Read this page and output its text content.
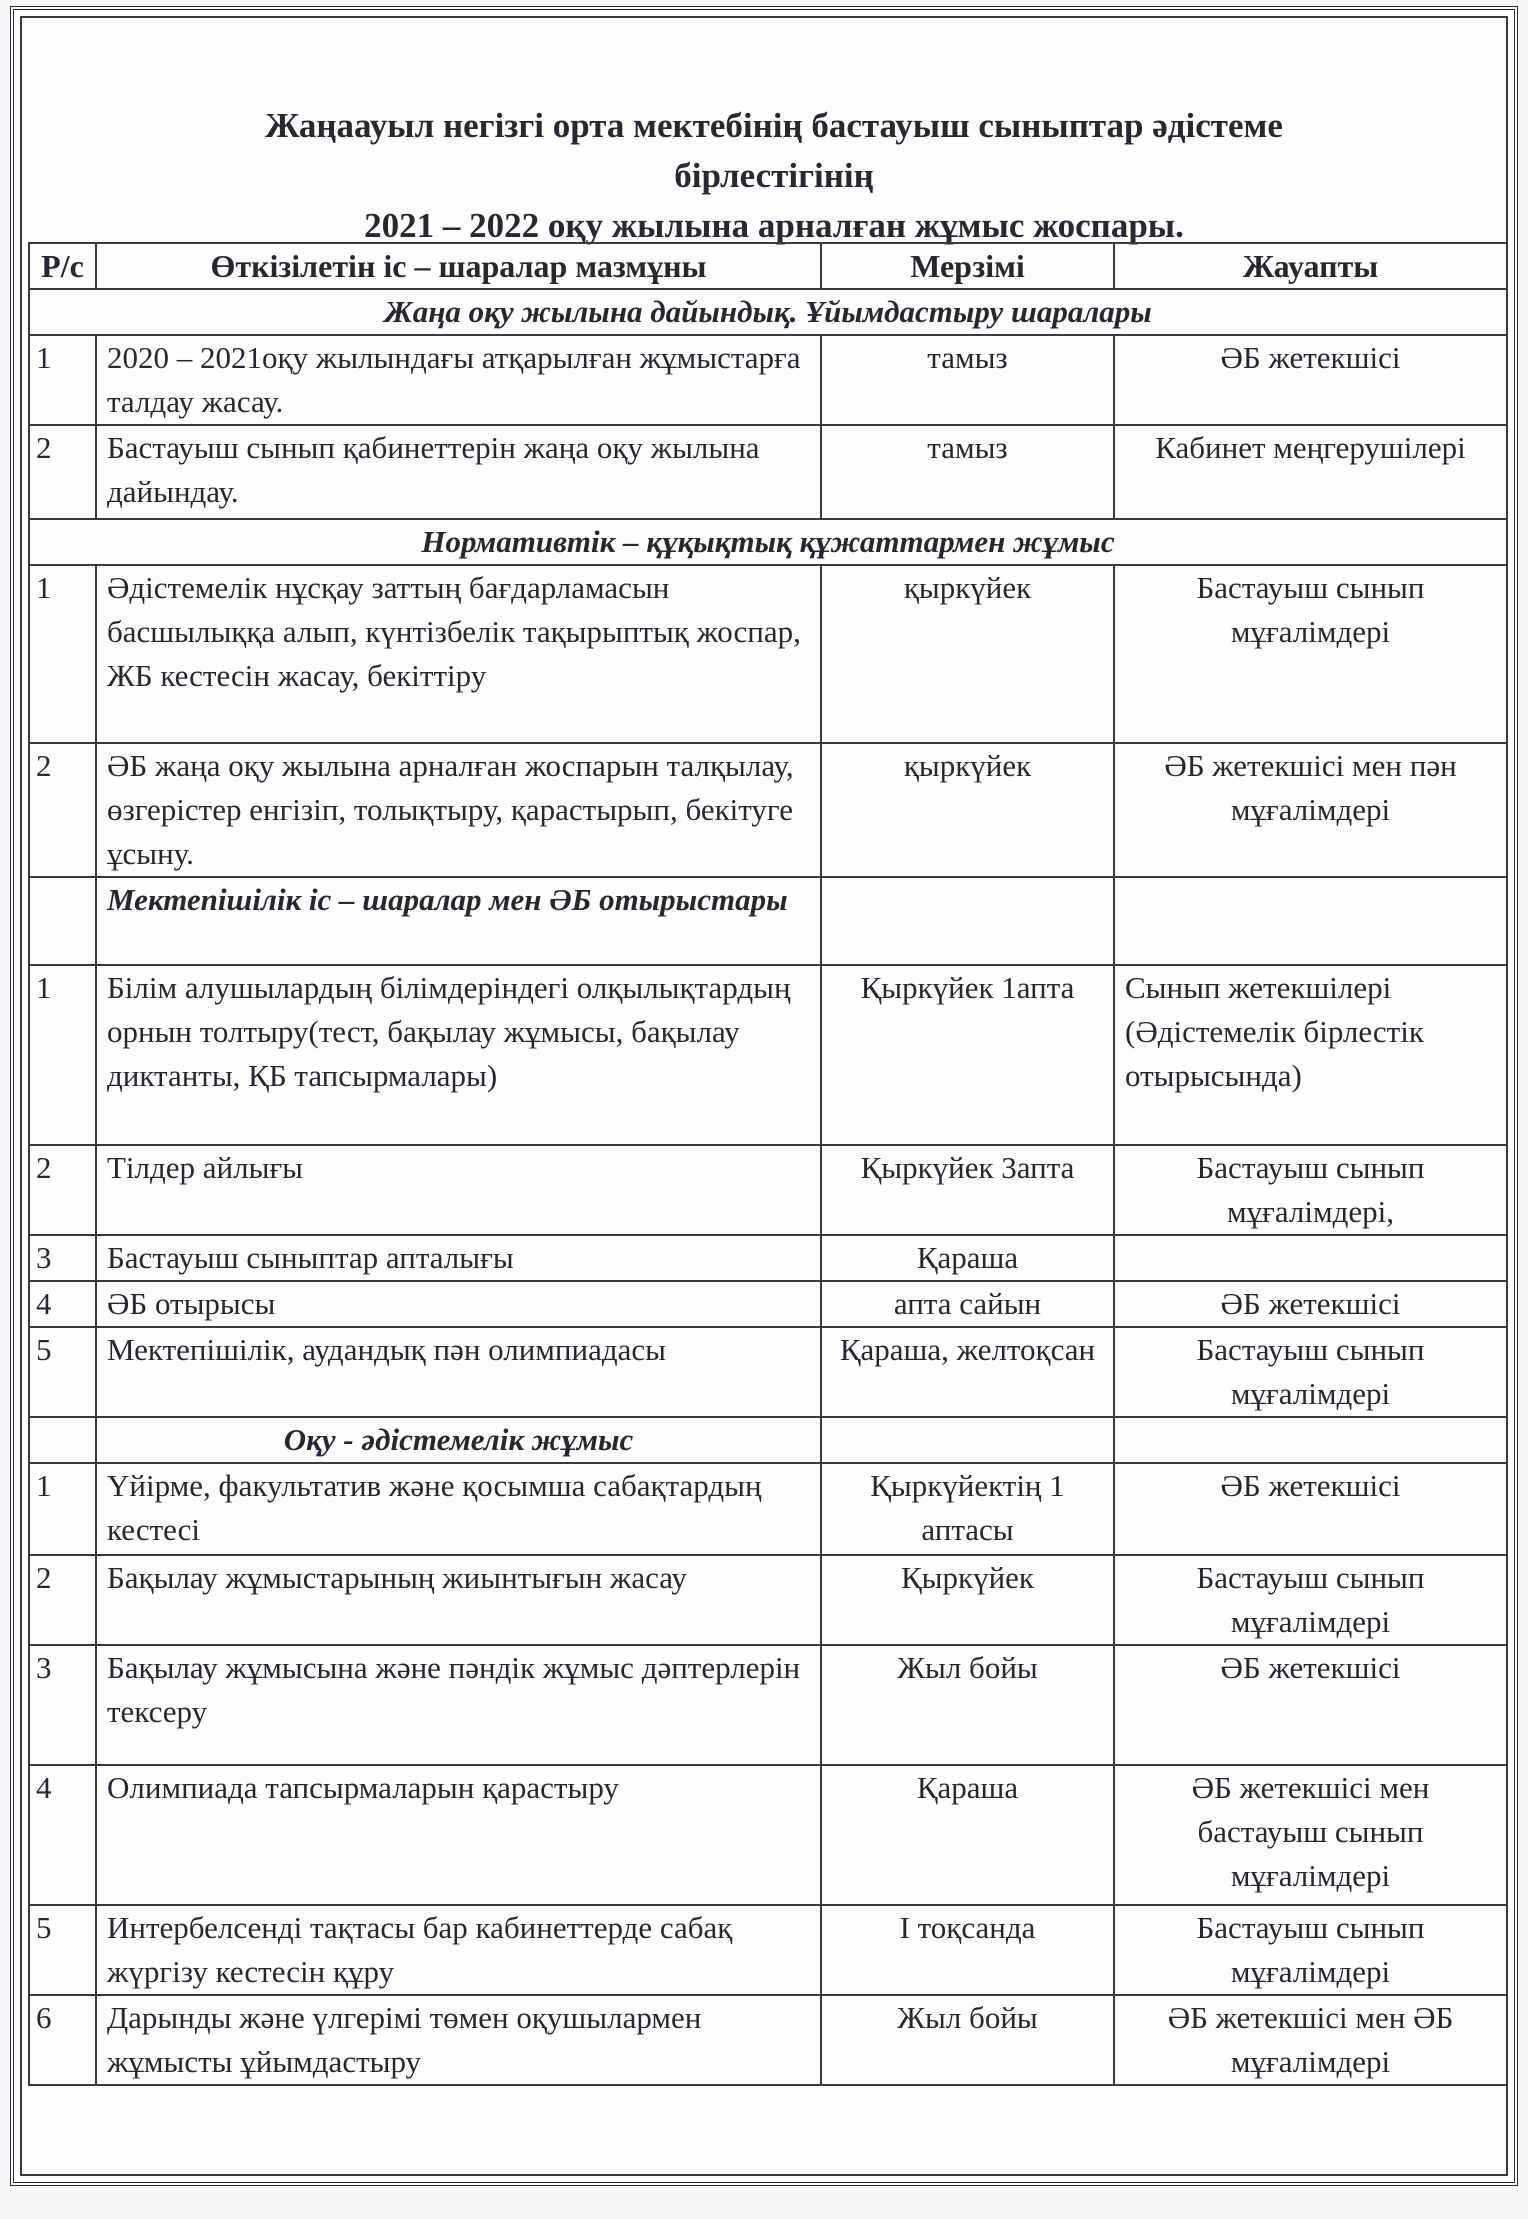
Жаңаауыл негізгі орта мектебінің бастауыш сыныптар әдістеме
бірлестігінің
2021 – 2022 оқу жылына арналған жұмыс жоспары.
Р/с	Өткізілетін іс – шаралар мазмұны	Мерзімі	Жауапты
Жаңа оқу жылына дайындық. Ұйымдастыру шаралары			
1	2020 – 2021оқу жылындағы атқарылған жұмыстарға талдау жасау.	тамыз	ӘБ жетекшісі
2	Бастауыш сынып қабинеттерін жаңа оқу жылына дайындау.	тамыз	Кабинет меңгерушілері
Нормативтік – құқықтық құжаттармен жұмыс			
1	Әдістемелік нұсқау заттың бағдарламасын басшылыққа алып, күнтізбелік тақырыптық жоспар, ЖБ кестесін жасау, бекіттіру	қыркүйек	Бастауыш сынып мұғалімдері
2	ӘБ жаңа оқу жылына арналған жоспарын талқылау, өзгерістер енгізіп, толықтыру, қарастырып, бекітуге ұсыну.	қыркүйек	ӘБ жетекшісі мен пән мұғалімдері
	Мектепішілік іс – шаралар мен ӘБ отырыстары		
1	Білім алушылардың білімдеріндегі олқылықтардың орнын толтыру(тест, бақылау жұмысы, бақылау диктанты, ҚБ тапсырмалары)	Қыркүйек 1апта	Сынып жетекшілері (Әдістемелік бірлестік отырысында)
2	Тілдер айлығы	Қыркүйек 3апта	Бастауыш сынып мұғалімдері,
3	Бастауыш сыныптар апталығы	Қараша	
4	ӘБ отырысы	апта сайын	ӘБ жетекшісі
5	Мектепішілік, аудандық пән олимпиадасы	Қараша, желтоқсан	Бастауыш сынып мұғалімдері
	Оқу - әдістемелік жұмыс		
1	Үйірме, факультатив және қосымша сабақтардың кестесі	Қыркүйектің 1 аптасы	ӘБ жетекшісі
2	Бақылау жұмыстарының жиынтығын жасау	Қыркүйек	Бастауыш сынып мұғалімдері
3	Бақылау жұмысына және пәндік жұмыс дәптерлерін тексеру	Жыл бойы	ӘБ жетекшісі
4	Олимпиада тапсырмаларын қарастыру	Қараша	ӘБ жетекшісі мен бастауыш сынып мұғалімдері
5	Интербелсенді тақтасы бар кабинеттерде сабақ жүргізу кестесін құру	І тоқсанда	Бастауыш сынып мұғалімдері
6	Дарынды және үлгерімі төмен оқушылармен жұмысты ұйымдастыру	Жыл бойы	ӘБ жетекшісі мен ӘБ мұғалімдері
